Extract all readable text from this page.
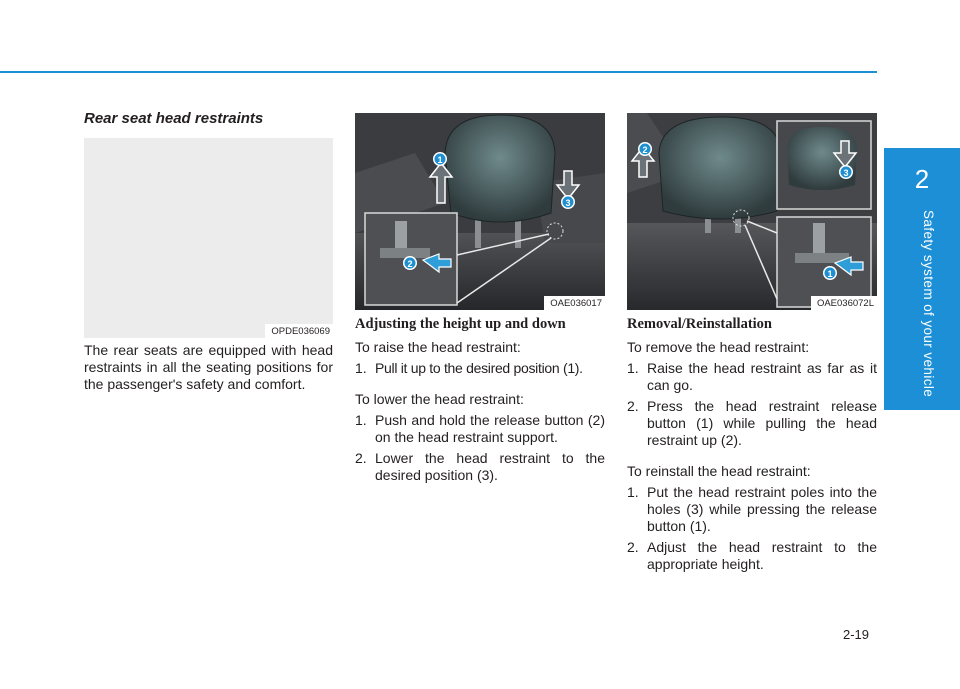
2
Safety system of your vehicle
Rear seat head restraints
OPDE036069
1
2
3
OAE036017
1
2
3
OAE036072L

The rear seats are equipped with head restraints in all the seating positions for the passenger's safety and comfort.

Adjusting the height up and down

To raise the head restraint:

1. Pull it up to the desired position (1).

To lower the head restraint:

1. Push and hold the release button (2) on the head restraint support.
2. Lower the head restraint to the desired position (3).
Removal/Reinstallation

To remove the head restraint:

1. Raise the head restraint as far as it can go.
2. Press the head restraint release button (1) while pulling the head restraint up (2).

To reinstall the head restraint:

1. Put the head restraint poles into the holes (3) while pressing the release button (1).
2. Adjust the head restraint to the appropriate height.
2-19
